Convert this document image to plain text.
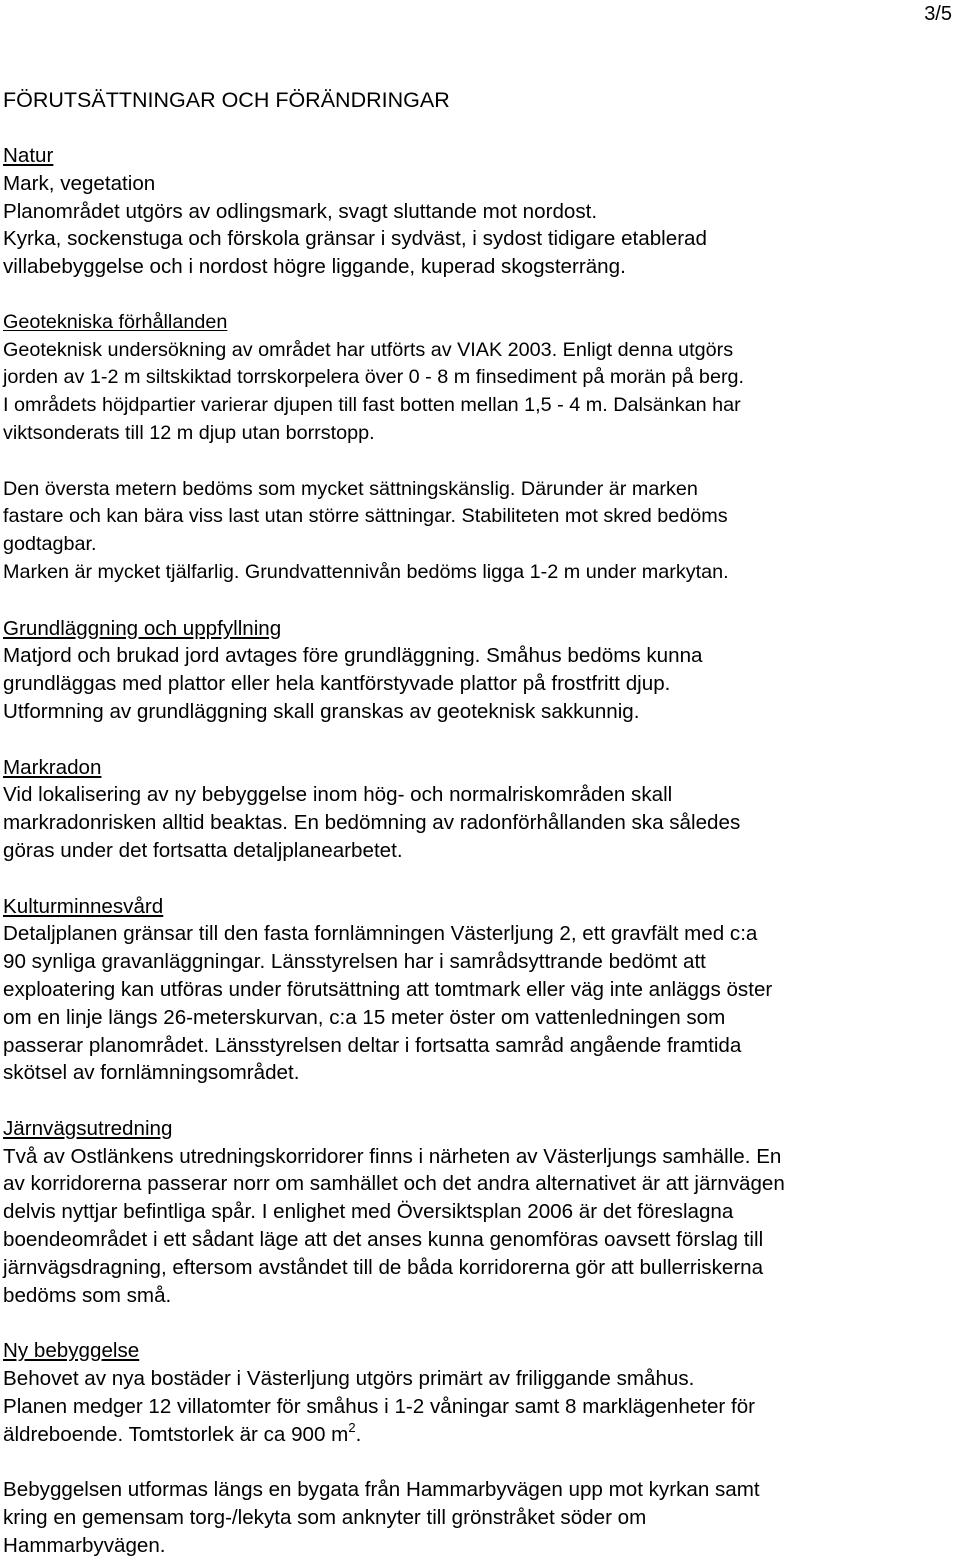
3/5
FÖRUTSÄTTNINGAR OCH FÖRÄNDRINGAR
Natur
Mark, vegetation
Planområdet utgörs av odlingsmark, svagt sluttande mot nordost.
Kyrka, sockenstuga och förskola gränsar i sydväst, i sydost tidigare etablerad
villabebyggelse och i nordost högre liggande, kuperad skogsterräng.
Geotekniska förhållanden
Geoteknisk undersökning av området har utförts av VIAK 2003. Enligt denna utgörs
jorden av 1-2 m siltskiktad torrskorpelera över 0 - 8 m finsediment på morän på berg.
I områdets höjdpartier varierar djupen till fast botten mellan 1,5 - 4 m. Dalsänkan har
viktsonderats till 12 m djup utan borrstopp.
Den översta metern bedöms som mycket sättningskänslig. Därunder är marken
fastare och kan bära viss last utan större sättningar. Stabiliteten mot skred bedöms
godtagbar.
Marken är mycket tjälfarlig. Grundvattennivån bedöms ligga 1-2 m under markytan.
Grundläggning och uppfyllning
Matjord och brukad jord avtages före grundläggning. Småhus bedöms kunna
grundläggas med plattor eller hela kantförstyvade plattor på frostfritt djup.
Utformning av grundläggning skall granskas av geoteknisk sakkunnig.
Markradon
Vid lokalisering av ny bebyggelse inom hög- och normalriskområden skall
markradonrisken alltid beaktas. En bedömning av radonförhållanden ska således
göras under det fortsatta detaljplanearbetet.
Kulturminnesvård
Detaljplanen gränsar till den fasta fornlämningen Västerljung 2, ett gravfält med c:a
90 synliga gravanläggningar. Länsstyrelsen har i samrådsyttrande bedömt att
exploatering kan utföras under förutsättning att tomtmark eller väg inte anläggs öster
om en linje längs 26-meterskurvan, c:a 15 meter öster om vattenledningen som
passerar planområdet. Länsstyrelsen deltar i fortsatta samråd angående framtida
skötsel av fornlämningsområdet.
Järnvägsutredning
Två av Ostlänkens utredningskorridorer finns i närheten av Västerljungs samhälle. En
av korridorerna passerar norr om samhället och det andra alternativet är att järnvägen
delvis nyttjar befintliga spår. I enlighet med Översiktsplan 2006 är det föreslagna
boendeområdet i ett sådant läge att det anses kunna genomföras oavsett förslag till
järnvägsdragning, eftersom avståndet till de båda korridorerna gör att bullerriskerna
bedöms som små.
Ny bebyggelse
Behovet av nya bostäder i Västerljung utgörs primärt av friliggande småhus.
Planen medger 12 villatomter för småhus i 1-2 våningar samt 8 marklägenheter för
äldreboende. Tomtstorlek är ca 900 $m^2$.
Bebyggelsen utformas längs en bygata från Hammarbyvägen upp mot kyrkan samt
kring en gemensam torg-/lekyta som anknyter till grönstråket söder om
Hammarbyvägen.
